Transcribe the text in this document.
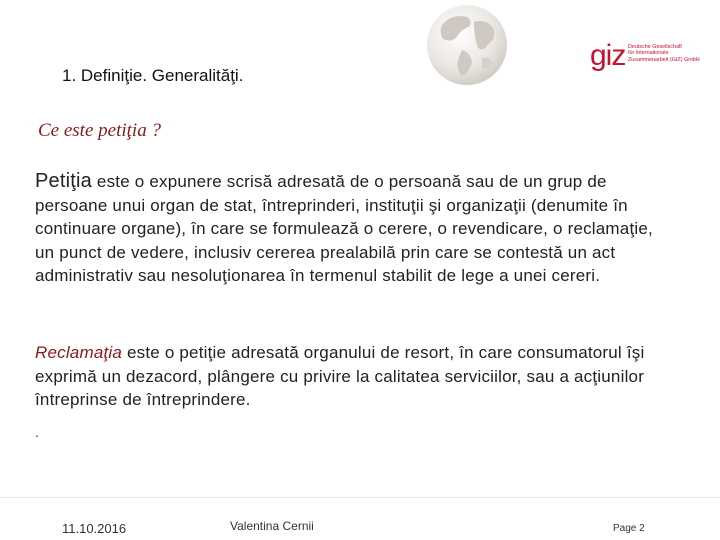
giz Deutsche Gesellschaft
für Internationale
Zusammenarbeit (GIZ) GmbH
1. Definiţie. Generalităţi.
Ce este petiţia ?
Petiţia este o expunere scrisă adresată de o persoană sau de un grup de persoane unui organ de stat, întreprinderi, instituţii şi organizaţii (denumite în continuare organe), în care se formulează o cerere, o revendicare, o reclamaţie, un punct de vedere, inclusiv cererea prealabilă prin care se contestă un act administrativ sau nesoluţionarea în termenul stabilit de lege a unei cereri.
Reclamaţia este o petiţie adresată organului de resort, în care consumatorul îşi exprimă un dezacord, plângere cu privire la calitatea serviciilor, sau a acţiunilor întreprinse de întreprindere.
.
11.10.2016	Valentina Cernii	Page 2
